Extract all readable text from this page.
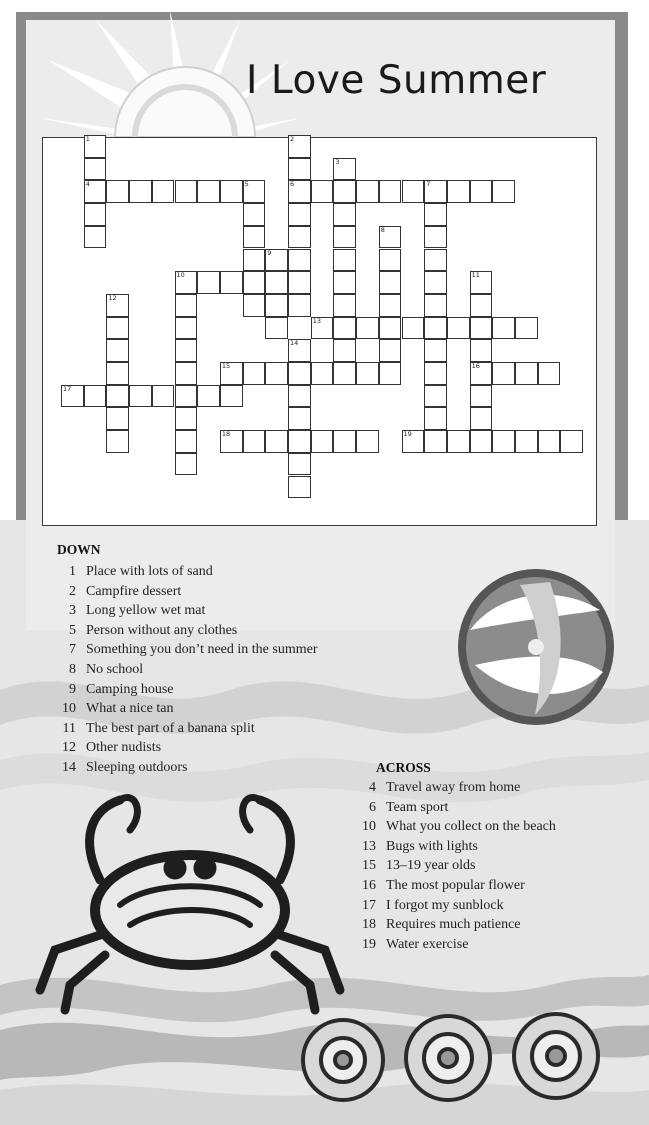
I Love Summer
1	2
3
4	6
5	7
8
9
10	11
12
13
14
15	16
17
18	19
DOWN
1 Place with lots of sand
2 Campfire dessert
3 Long yellow wet mat
5 Person without any clothes
7 Something you don’t need in the summer
8 No school
9 Camping house
10 What a nice tan
11 The best part of a banana split
12 Other nudists
14 Sleeping outdoors	ACROSS
4 Travel away from home
6 Team sport
10 What you collect on the beach
13 Bugs with lights
15 13–19 year olds
16 The most popular flower
17 I forgot my sunblock
18 Requires much patience
19 Water exercise
